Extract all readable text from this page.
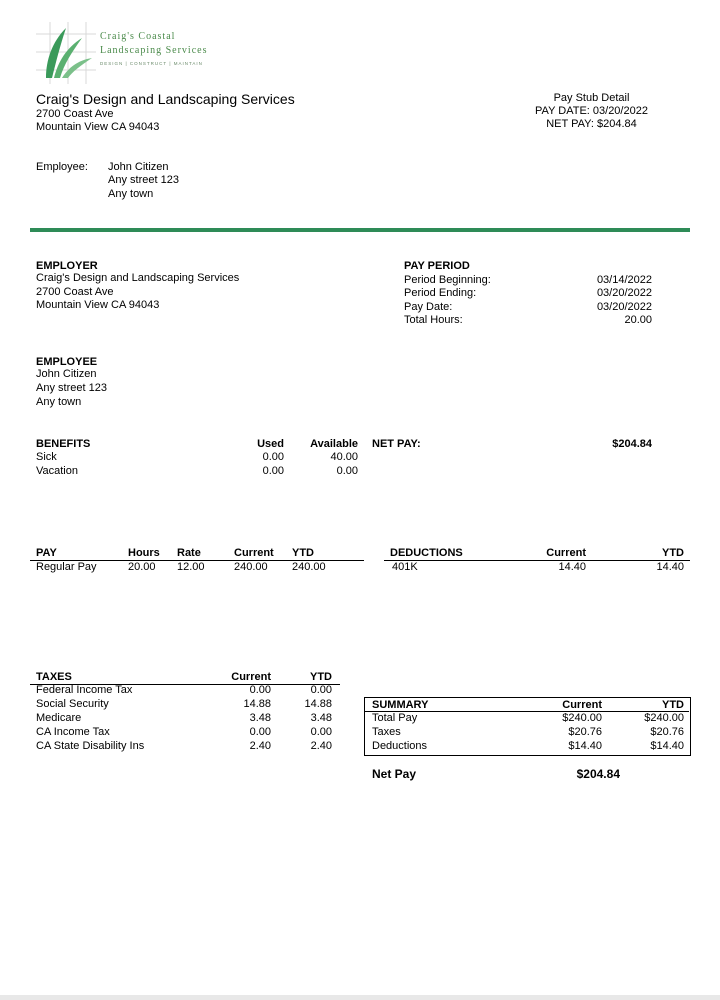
Craig's Coastal
Landscaping Services
DESIGN | CONSTRUCT | MAINTAIN
Craig's Design and Landscaping Services
2700 Coast Ave
Mountain View CA 94043
Pay Stub Detail
PAY DATE: 03/20/2022
NET PAY: $204.84
Employee: John Citizen
Any street 123
Any town
EMPLOYER
Craig's Design and Landscaping Services
2700 Coast Ave
Mountain View CA 94043
PAY PERIOD
Period Beginning:	03/14/2022
Period Ending:	03/20/2022
Pay Date:	03/20/2022
Total Hours:	20.00
EMPLOYEE
John Citizen
Any street 123
Any town
BENEFITS	Used	Available
Sick	0.00	40.00
Vacation	0.00	0.00
NET PAY:	$204.84
PAY	Hours Rate	Current YTD
Regular Pay	20.00 12.00	240.00 240.00
DEDUCTIONS	Current	YTD
401K	14.40	14.40
TAXES	Current	YTD
Federal Income Tax	0.00	0.00
Social Security	14.88	14.88
Medicare	3.48	3.48
CA Income Tax	0.00	0.00
CA State Disability Ins	2.40	2.40
SUMMARY	Current	YTD
Total Pay	$240.00	$240.00
Taxes	$20.76	$20.76
Deductions	$14.40	$14.40
Net Pay	$204.84
